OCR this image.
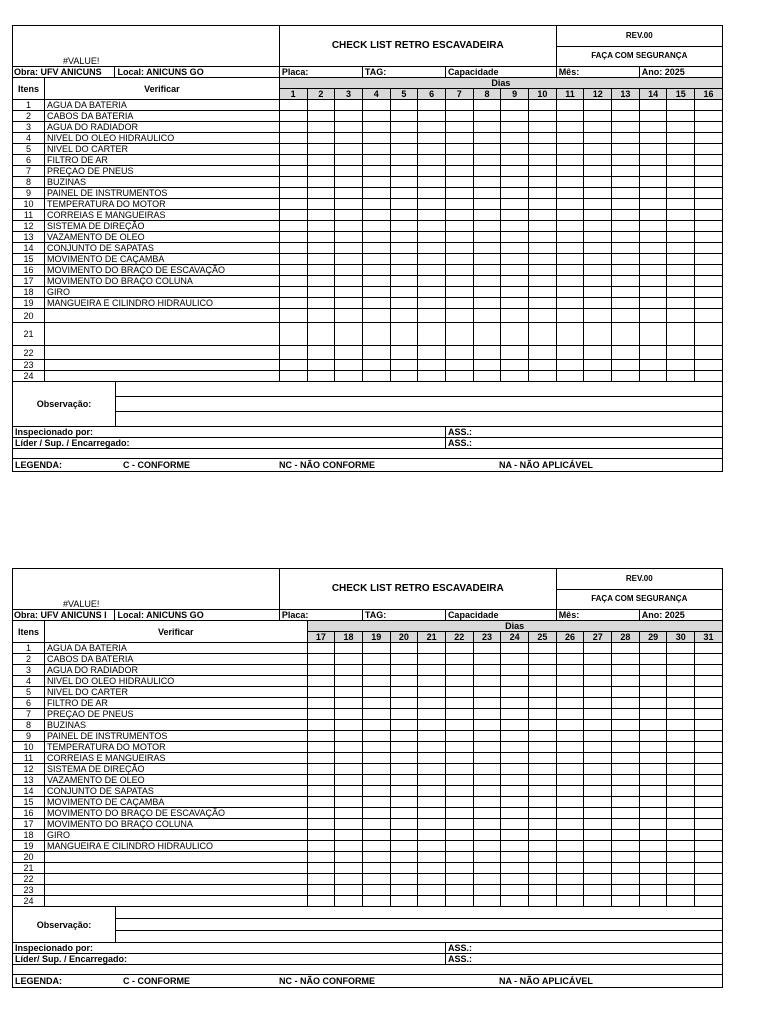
#VALUE!		CHECK LIST RETRO ESCAVADEIRA										REV.00					
												FAÇA COM SEGURANÇA					
Obra: UFV ANICUNS Local: ANICUNS GO		Placa:			TAG:			Capacidade				Mês:			Ano: 2025		
Itens	Verificar	Dias															
		1	2	3	4	5	6	7	8	9	10	11	12	13	14	15	16
1	AGUA DA BATERIA																
2	CABOS DA BATERIA																
3	AGUA DO RADIADOR																
4	NIVEL DO OLEO HIDRAULICO																
5	NIVEL DO CARTER																
6	FILTRO DE AR																
7	PREÇAO DE PNEUS																
8	BUZINAS																
9	PAINEL DE INSTRUMENTOS																
10	TEMPERATURA DO MOTOR																
11	CORREIAS E MANGUEIRAS																
12	SISTEMA DE DIREÇÃO																
13	VAZAMENTO DE OLEO																
14	CONJUNTO DE SAPATAS																
15	MOVIMENTO DE CAÇAMBA																
16	MOVIMENTO DO BRAÇO DE ESCAVAÇÃO																
17	MOVIMENTO DO BRAÇO COLUNA																
18	GIRO																
19	MANGUEIRA E CILINDRO HIDRAULICO																
20																	
21																	
22																	
23																	
24																	
Observação:	

Inspecionado por:	ASS.:
Líder / Sup. / Encarregado:	ASS.:

LEGENDA: C - CONFORME NC - NÃO CONFORME NA - NÃO APLICÁVEL	
#VALUE!		CHECK LIST RETRO ESCAVADEIRA										REV.00					
												FAÇA COM SEGURANÇA					
Obra: UFV ANICUNS I Local: ANICUNS GO		Placa:			TAG:			Capacidade				Mês:			Ano: 2025		
Itens	Verificar		Dias														
			17	18	19	20	21	22	23	24	25	26	27	28	29	30	31
1	AGUA DA BATERIA																
2	CABOS DA BATERIA																
3	AGUA DO RADIADOR																
4	NIVEL DO OLEO HIDRAULICO																
5	NIVEL DO CARTER																
6	FILTRO DE AR																
7	PREÇAO DE PNEUS																
8	BUZINAS																
9	PAINEL DE INSTRUMENTOS																
10	TEMPERATURA DO MOTOR																
11	CORREIAS E MANGUEIRAS																
12	SISTEMA DE DIREÇÃO																
13	VAZAMENTO DE OLEO																
14	CONJUNTO DE SAPATAS																
15	MOVIMENTO DE CAÇAMBA																
16	MOVIMENTO DO BRAÇO DE ESCAVAÇÃO																
17	MOVIMENTO DO BRAÇO COLUNA																
18	GIRO																
19	MANGUEIRA E CILINDRO HIDRAULICO																
20																	
21																	
22																	
23																	
24																	
Observação:	

Inspecionado por:	ASS.:
Líder/ Sup. / Encarregado:	ASS.:

LEGENDA: C - CONFORME NC - NÃO CONFORME NA - NÃO APLICÁVEL	
